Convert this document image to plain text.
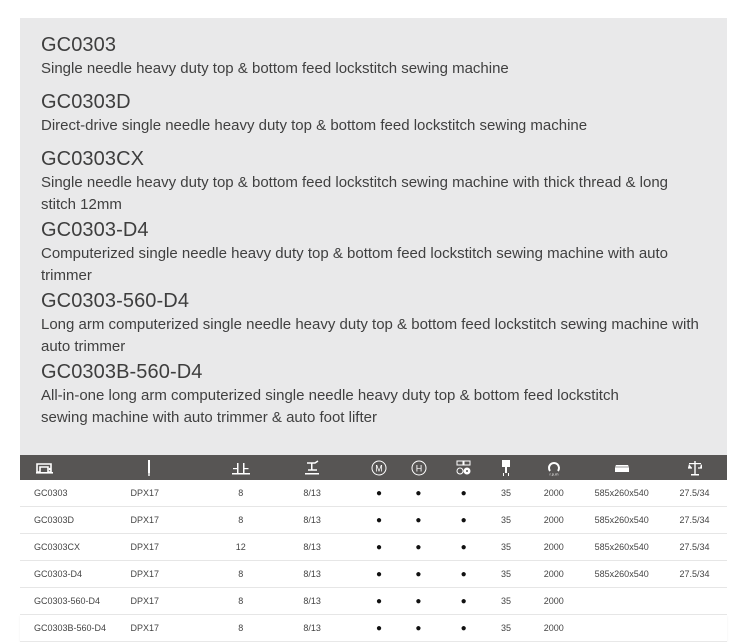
GC0303
Single needle heavy duty top & bottom feed lockstitch sewing machine
GC0303D
Direct-drive single needle heavy duty top & bottom feed lockstitch sewing machine
GC0303CX
Single needle heavy duty top & bottom feed lockstitch sewing machine with thick thread & long stitch 12mm
GC0303-D4
Computerized single needle heavy duty top & bottom feed lockstitch sewing machine with auto trimmer
GC0303-560-D4
Long arm computerized single needle heavy duty top & bottom feed lockstitch sewing machine with auto trimmer
GC0303B-560-D4
All-in-one long arm computerized single needle heavy duty top & bottom feed lockstitch sewing machine with auto trimmer & auto foot lifter
M	H
r.p.m
GC0303	DPX17	8	8/13	●	●	●	35	2000	585x260x540	27.5/34
GC0303D	DPX17	8	8/13	●	●	●	35	2000	585x260x540	27.5/34
GC0303CX	DPX17	12	8/13	●	●	●	35	2000	585x260x540	27.5/34
GC0303-D4	DPX17	8	8/13	●	●	●	35	2000	585x260x540	27.5/34
GC0303-560-D4	DPX17	8	8/13	●	●	●	35	2000
GC0303B-560-D4	DPX17	8	8/13	●	●	●	35	2000
